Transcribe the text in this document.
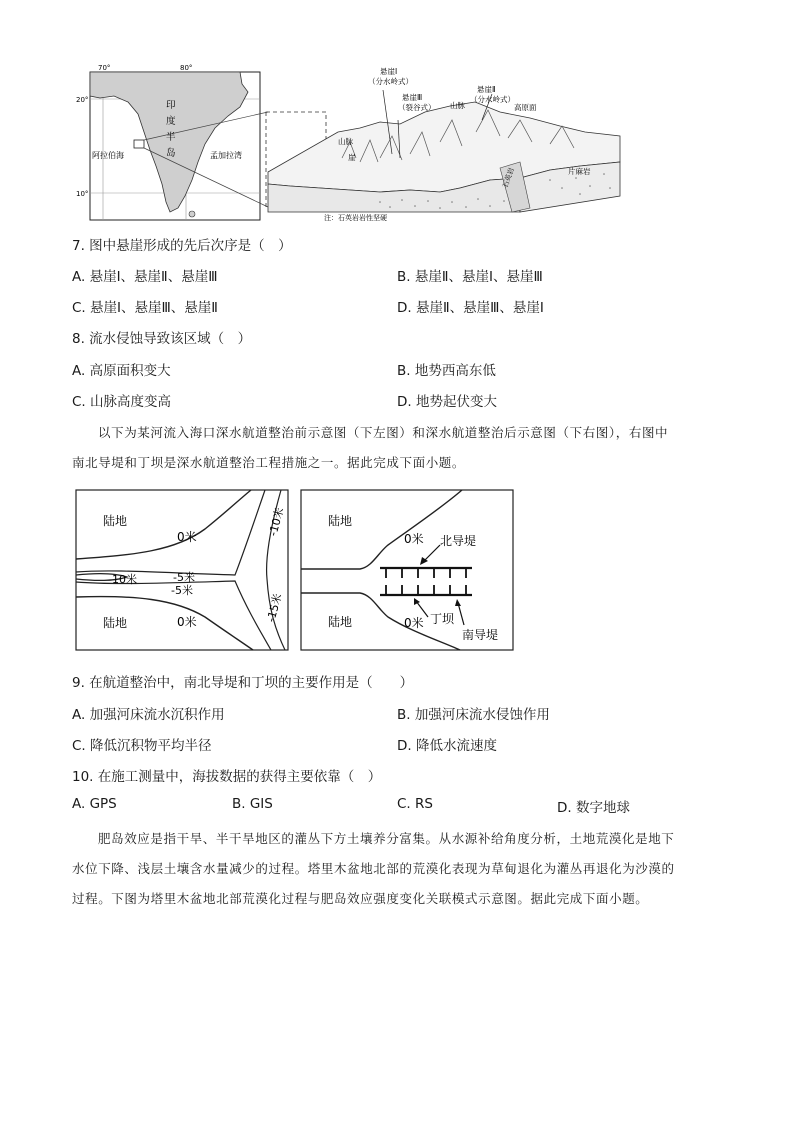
70°	80°
20°
10°
印
度
半
岛
阿拉伯海	孟加拉湾
悬崖Ⅰ
（分水岭式）
悬崖Ⅲ
（裂谷式）
悬崖Ⅱ
（分水岭式）
山脉	高原面
山脉
崖
石英岩	片麻岩
注：石英岩岩性坚硬
7. 图中悬崖形成的先后次序是（　）
A. 悬崖Ⅰ、悬崖Ⅱ、悬崖Ⅲ	B. 悬崖Ⅱ、悬崖Ⅰ、悬崖Ⅲ
C. 悬崖Ⅰ、悬崖Ⅲ、悬崖Ⅱ	D. 悬崖Ⅱ、悬崖Ⅲ、悬崖Ⅰ
8. 流水侵蚀导致该区域（　）
A. 高原面积变大	B. 地势西高东低
C. 山脉高度变高	D. 地势起伏变大
以下为某河流入海口深水航道整治前示意图（下左图）和深水航道整治后示意图（下右图），右图中
南北导堤和丁坝是深水航道整治工程措施之一。据此完成下面小题。
陆地
陆地
0米
0米
-10米	-5米
-5米
-10米
-15米
陆地
陆地
0米
0米
北导堤
丁坝
南导堤
9. 在航道整治中，南北导堤和丁坝的主要作用是（　　）
A. 加强河床流水沉积作用	B. 加强河床流水侵蚀作用
C. 降低沉积物平均半径	D. 降低水流速度
10. 在施工测量中，海拔数据的获得主要依靠（　）
A. GPS	B. GIS	C. RS	D. 数字地球
肥岛效应是指干旱、半干旱地区的灌丛下方土壤养分富集。从水源补给角度分析，土地荒漠化是地下
水位下降、浅层土壤含水量减少的过程。塔里木盆地北部的荒漠化表现为草甸退化为灌丛再退化为沙漠的
过程。下图为塔里木盆地北部荒漠化过程与肥岛效应强度变化关联模式示意图。据此完成下面小题。
